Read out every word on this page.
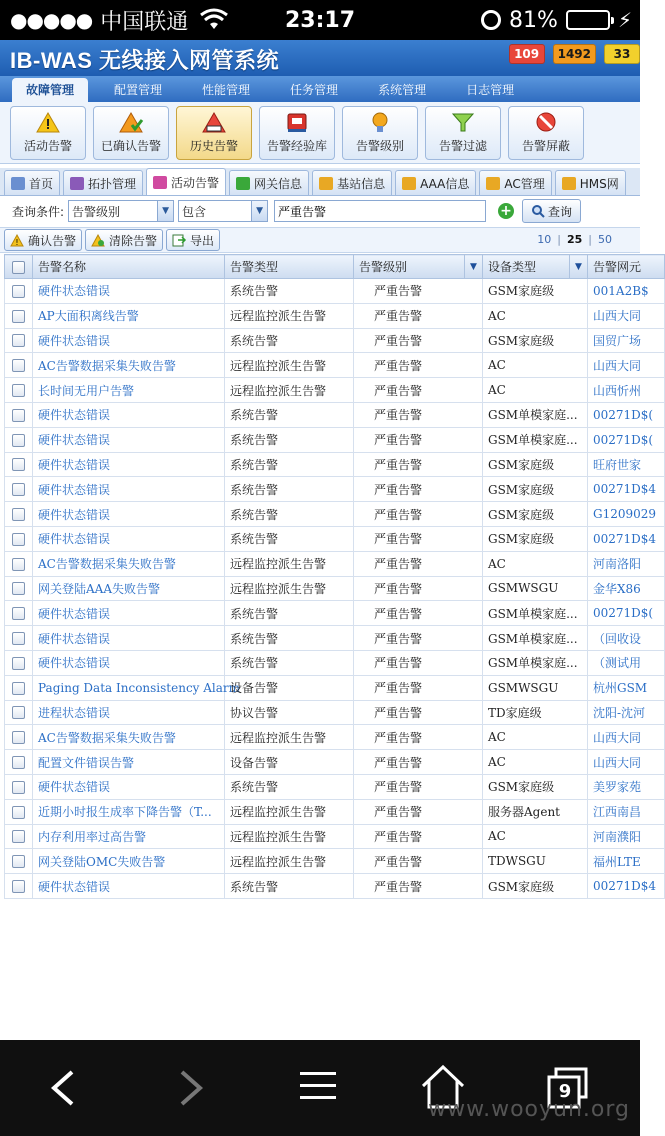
●●●●● 中国联通	23:17	81%	⚡
IB-WAS 无线接入网管系统	109	1492	33
故障管理	配置管理	性能管理	任务管理	系统管理	日志管理
活动告警 已确认告警 历史告警 告警经验库 告警级别	告警过滤	告警屏蔽
首页	拓扑管理	活动告警	网关信息	基站信息	AAA信息	AC管理	HMS网
查询条件: 告警级别	▼	包含	▼
严重告警	+	查询
! 确认告警	清除告警	导出	10 | 25 | 50
	告警名称	告警类型	告警级别 ▼	设备类型 ▼	告警网元
	硬件状态错误	系统告警	严重告警	GSM家庭级	001A2B$
	AP大面积离线告警	远程监控派生告警	严重告警	AC	山西大同
	硬件状态错误	系统告警	严重告警	GSM家庭级	国贸广场
	AC告警数据采集失败告警	远程监控派生告警	严重告警	AC	山西大同
	长时间无用户告警	远程监控派生告警	严重告警	AC	山西忻州
	硬件状态错误	系统告警	严重告警	GSM单模家庭...	00271D$(
	硬件状态错误	系统告警	严重告警	GSM单模家庭...	00271D$(
	硬件状态错误	系统告警	严重告警	GSM家庭级	旺府世家
	硬件状态错误	系统告警	严重告警	GSM家庭级	00271D$4
	硬件状态错误	系统告警	严重告警	GSM家庭级	G1209029
	硬件状态错误	系统告警	严重告警	GSM家庭级	00271D$4
	AC告警数据采集失败告警	远程监控派生告警	严重告警	AC	河南洛阳
	网关登陆AAA失败告警	远程监控派生告警	严重告警	GSMWSGU	金华X86
	硬件状态错误	系统告警	严重告警	GSM单模家庭...	00271D$(
	硬件状态错误	系统告警	严重告警	GSM单模家庭...	（回收设
	硬件状态错误	系统告警	严重告警	GSM单模家庭...	（测试用
	Paging Data Inconsistency Alarm	设备告警	严重告警	GSMWSGU	杭州GSM
	进程状态错误	协议告警	严重告警	TD家庭级	沈阳-沈河
	AC告警数据采集失败告警	远程监控派生告警	严重告警	AC	山西大同
	配置文件错误告警	设备告警	严重告警	AC	山西大同
	硬件状态错误	系统告警	严重告警	GSM家庭级	美罗家苑
	近期小时报生成率下降告警（T...	远程监控派生告警	严重告警	服务器Agent	江西南昌
	内存利用率过高告警	远程监控派生告警	严重告警	AC	河南濮阳
	网关登陆OMC失败告警	远程监控派生告警	严重告警	TDWSGU	福州LTE
	硬件状态错误	系统告警	严重告警	GSM家庭级	00271D$4
9
www.wooyun.org
